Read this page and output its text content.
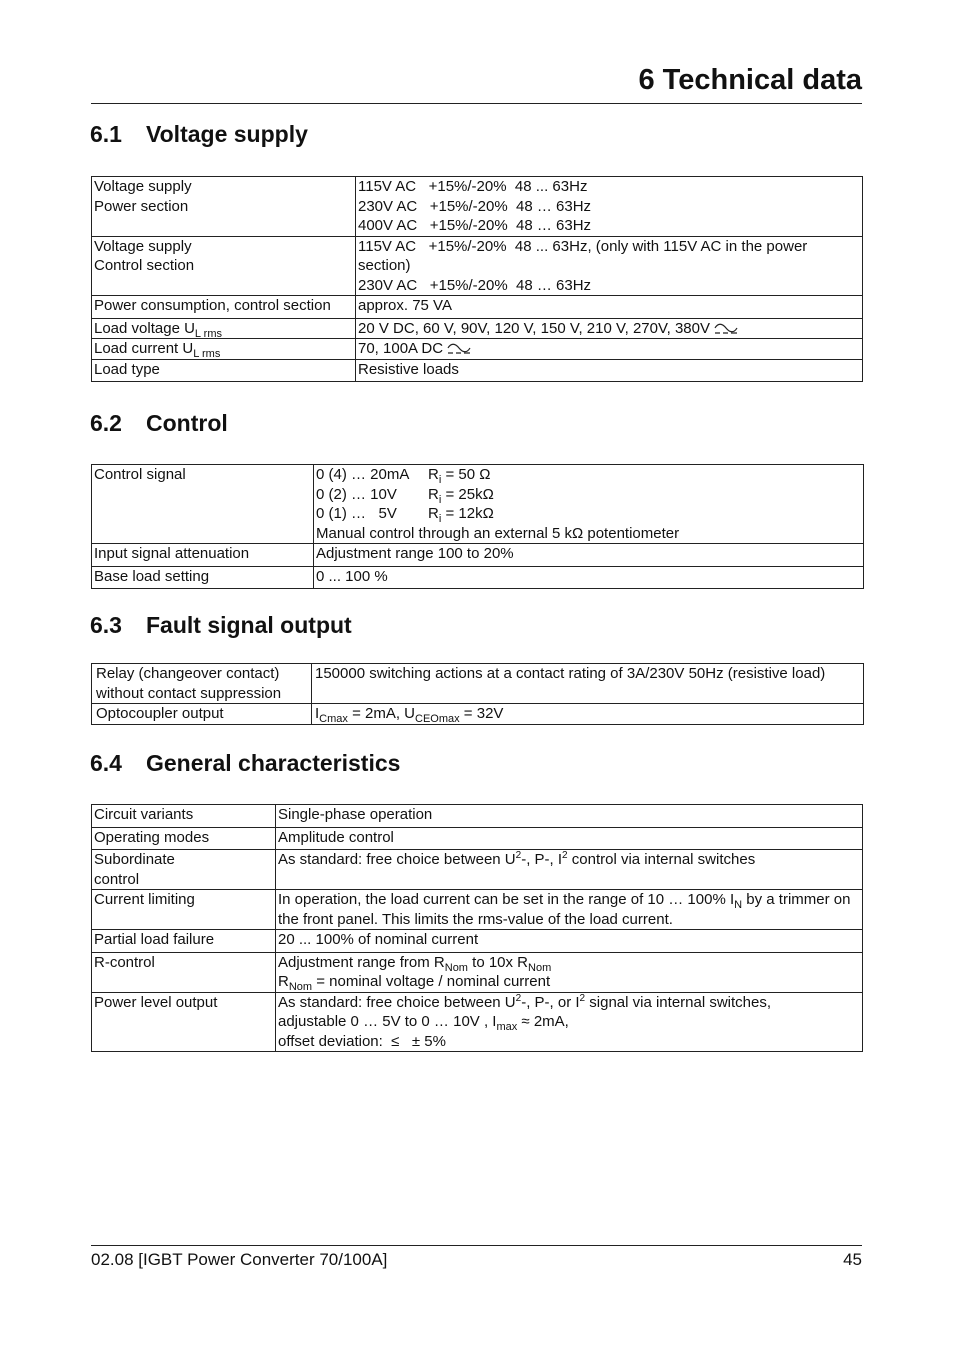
6 Technical data
6.1 Voltage supply
Voltage supply
Power section	115V AC   +15%/-20%  48 ... 63Hz
230V AC   +15%/-20%  48 … 63Hz
400V AC   +15%/-20%  48 … 63Hz

Voltage supply
Control section	115V AC   +15%/-20%  48 ... 63Hz, (only with 115V AC in the power section)
230V AC   +15%/-20%  48 … 63Hz

Power consumption, control section	approx. 75 VA
Load voltage $U_{L rms}$	20 V DC, 60 V, 90V, 120 V, 150 V, 210 V, 270V, 380V
Load current $U_{L rms}$	70, 100A DC
Load type	Resistive loads
6.2 Control
Control signal	0 (4) … 20mA $R_i = 50$ Ω
0 (2) … 10V $R_i = 25k\Omega$
0 (1) …   5V $R_i = 12k\Omega$
Manual control through an external 5 kΩ potentiometer

Input signal attenuation	Adjustment range 100 to 20%
Base load setting	0 ... 100 %
6.3 Fault signal output
Relay (changeover contact)
without contact suppression	150000 switching actions at a contact rating of 3A/230V 50Hz (resistive load)
Optocoupler output	$I_{Cmax} = 2mA$, $U_{CEOmax} = 32V$
6.4 General characteristics
Circuit variants	Single-phase operation
Operating modes	Amplitude control

Subordinate
control	As standard: free choice between $U^2-$, P-, $I^2$ control via internal switches
Current limiting	In operation, the load current can be set in the range of 10 … 100% $I_N$ by a trimmer on the front panel. This limits the rms-value of the load current.
Partial load failure	20 ... 100% of nominal current
R-control	Adjustment range from $R_{Nom}$ to 10x $R_{Nom}$
$R_{Nom}$ = nominal voltage / nominal current

Power level output	As standard: free choice between $U^2-$, P-, or $I^2$ signal via internal switches,
adjustable 0 … 5V to 0 … 10V , $I_{max} \approx 2mA$,
offset deviation:  ≤   ± 5%
02.08 [IGBT Power Converter 70/100A]	45
